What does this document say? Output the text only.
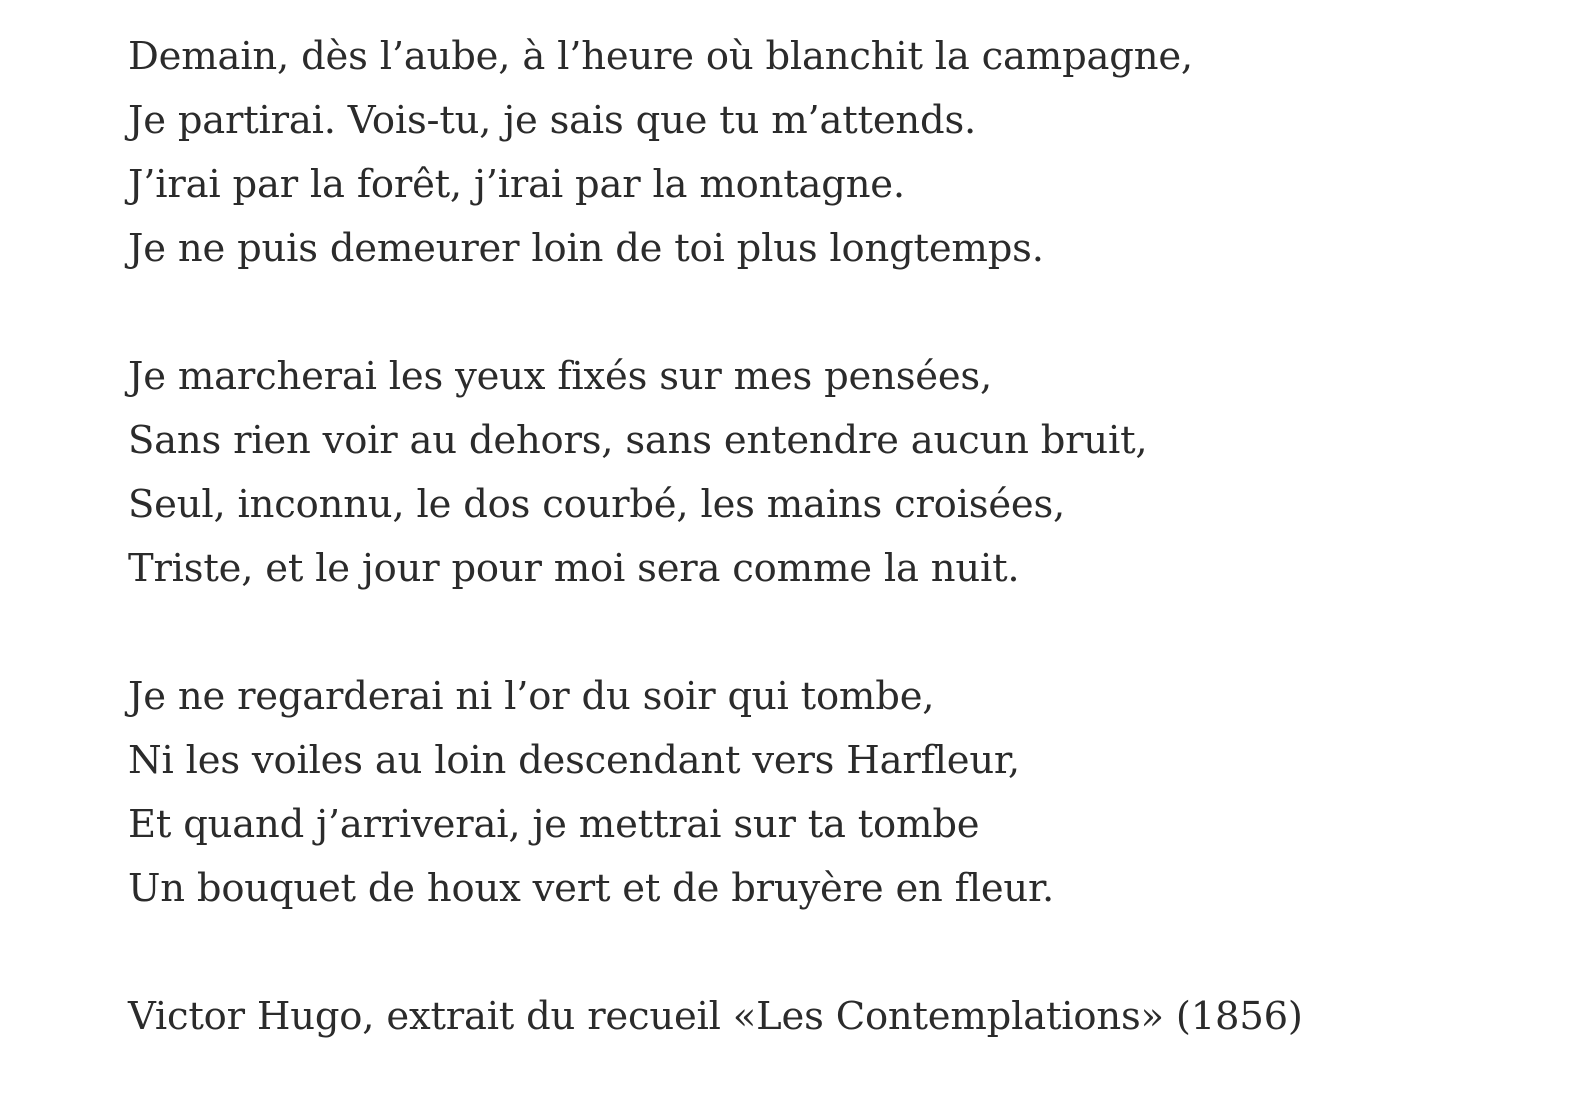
Demain, dès l’aube, à l’heure où blanchit la campagne,
Je partirai. Vois-tu, je sais que tu m’attends.
J’irai par la forêt, j’irai par la montagne.
Je ne puis demeurer loin de toi plus longtemps.
Je marcherai les yeux fixés sur mes pensées,
Sans rien voir au dehors, sans entendre aucun bruit,
Seul, inconnu, le dos courbé, les mains croisées,
Triste, et le jour pour moi sera comme la nuit.
Je ne regarderai ni l’or du soir qui tombe,
Ni les voiles au loin descendant vers Harfleur,
Et quand j’arriverai, je mettrai sur ta tombe
Un bouquet de houx vert et de bruyère en fleur.
Victor Hugo, extrait du recueil «Les Contemplations» (1856)
